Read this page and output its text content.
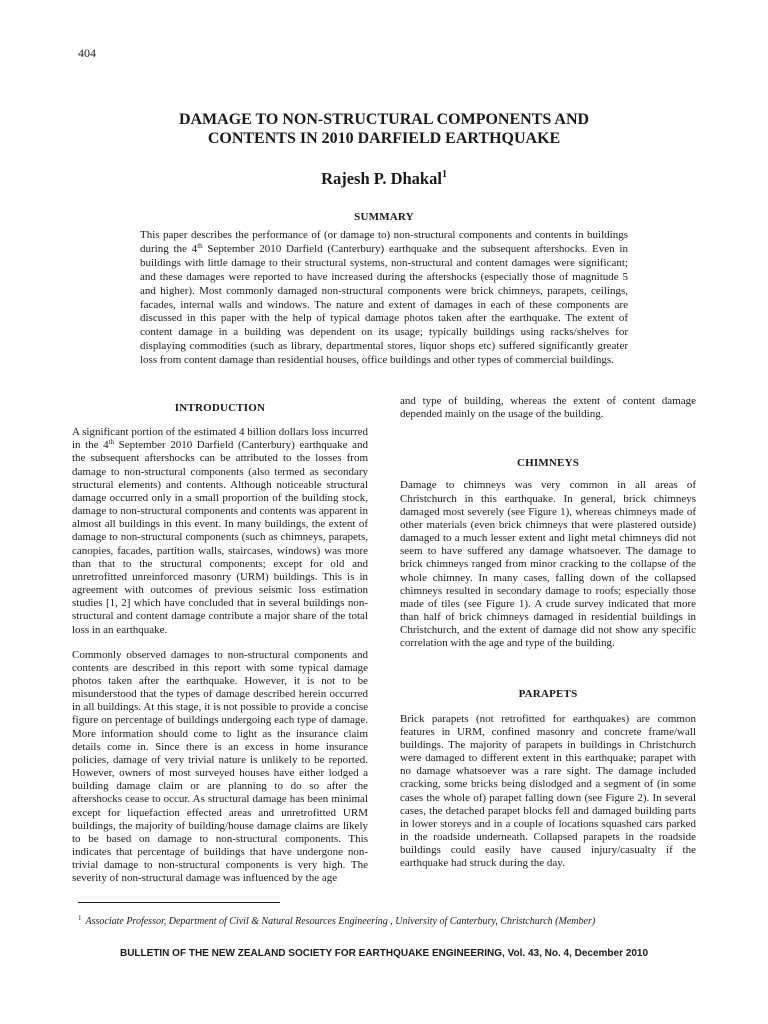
404
DAMAGE TO NON-STRUCTURAL COMPONENTS AND
CONTENTS IN 2010 DARFIELD EARTHQUAKE
Rajesh P. Dhakal$^1$
SUMMARY

This paper describes the performance of (or damage to) non-structural components and contents in buildings during the 4th September 2010 Darfield (Canterbury) earthquake and the subsequent aftershocks. Even in buildings with little damage to their structural systems, non-structural and content damages were significant; and these damages were reported to have increased during the aftershocks (especially those of magnitude 5 and higher). Most commonly damaged non-structural components were brick chimneys, parapets, ceilings, facades, internal walls and windows. The nature and extent of damages in each of these components are discussed in this paper with the help of typical damage photos taken after the earthquake. The extent of content damage in a building was dependent on its usage; typically buildings using racks/shelves for displaying commodities (such as library, departmental stores, liquor shops etc) suffered significantly greater loss from content damage than residential houses, office buildings and other types of commercial buildings.

INTRODUCTION

A significant portion of the estimated 4 billion dollars loss incurred in the 4th September 2010 Darfield (Canterbury) earthquake and the subsequent aftershocks can be attributed to the losses from damage to non-structural components (also termed as secondary structural elements) and contents. Although noticeable structural damage occurred only in a small proportion of the building stock, damage to non-structural components and contents was apparent in almost all buildings in this event. In many buildings, the extent of damage to non-structural components (such as chimneys, parapets, canopies, facades, partition walls, staircases, windows) was more than that to the structural components; except for old and unretrofitted unreinforced masonry (URM) buildings. This is in agreement with outcomes of previous seismic loss estimation studies [1, 2] which have concluded that in several buildings non-structural and content damage contribute a major share of the total loss in an earthquake.

Commonly observed damages to non-structural components and contents are described in this report with some typical damage photos taken after the earthquake. However, it is not to be misunderstood that the types of damage described herein occurred in all buildings. At this stage, it is not possible to provide a concise figure on percentage of buildings undergoing each type of damage. More information should come to light as the insurance claim details come in. Since there is an excess in home insurance policies, damage of very trivial nature is unlikely to be reported. However, owners of most surveyed houses have either lodged a building damage claim or are planning to do so after the aftershocks cease to occur. As structural damage has been minimal except for liquefaction effected areas and unretrofitted URM buildings, the majority of building/house damage claims are likely to be based on damage to non-structural components. This indicates that percentage of buildings that have undergone non-trivial damage to non-structural components is very high. The severity of non-structural damage was influenced by the age

and type of building, whereas the extent of content damage depended mainly on the usage of the building.

CHIMNEYS

Damage to chimneys was very common in all areas of Christchurch in this earthquake. In general, brick chimneys damaged most severely (see Figure 1), whereas chimneys made of other materials (even brick chimneys that were plastered outside) damaged to a much lesser extent and light metal chimneys did not seem to have suffered any damage whatsoever. The damage to brick chimneys ranged from minor cracking to the collapse of the whole chimney. In many cases, falling down of the collapsed chimneys resulted in secondary damage to roofs; especially those made of tiles (see Figure 1). A crude survey indicated that more than half of brick chimneys damaged in residential buildings in Christchurch, and the extent of damage did not show any specific correlation with the age and type of the building.

PARAPETS

Brick parapets (not retrofitted for earthquakes) are common features in URM, confined masonry and concrete frame/wall buildings. The majority of parapets in buildings in Christchurch were damaged to different extent in this earthquake; parapet with no damage whatsoever was a rare sight. The damage included cracking, some bricks being dislodged and a segment of (in some cases the whole of) parapet falling down (see Figure 2). In several cases, the detached parapet blocks fell and damaged building parts in lower storeys and in a couple of locations squashed cars parked in the roadside underneath. Collapsed parapets in the roadside buildings could easily have caused injury/casualty if the earthquake had struck during the day.

$^1$ Associate Professor, Department of Civil & Natural Resources Engineering , University of Canterbury, Christchurch (Member)
BULLETIN OF THE NEW ZEALAND SOCIETY FOR EARTHQUAKE ENGINEERING, Vol. 43, No. 4, December 2010
